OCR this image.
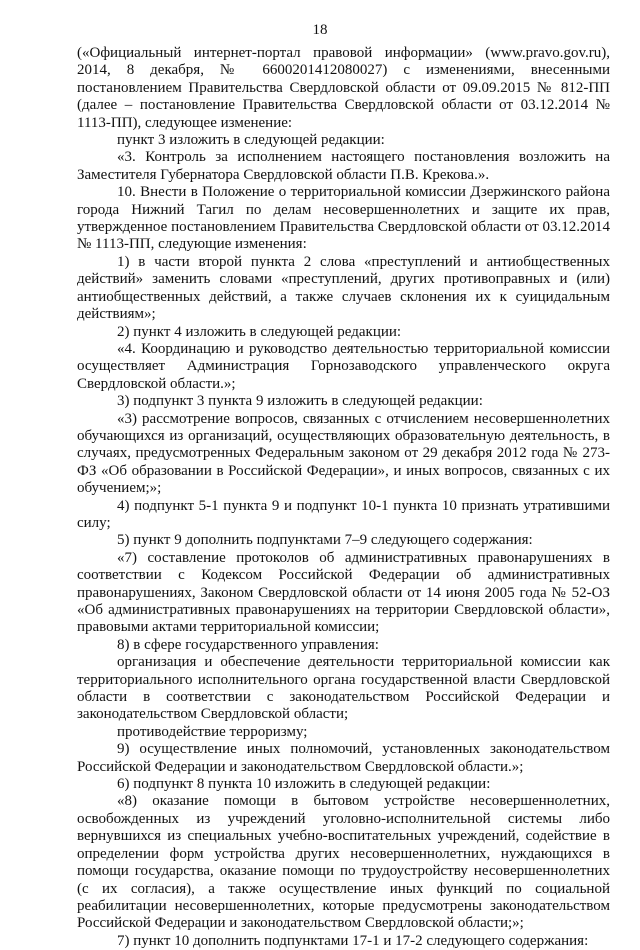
18

(«Официальный интернет-портал правовой информации» (www.pravo.gov.ru), 2014, 8 декабря, № 6600201412080027) с изменениями, внесенными постановлением Правительства Свердловской области от 09.09.2015 № 812-ПП (далее – постановление Правительства Свердловской области от 03.12.2014 № 1113-ПП), следующее изменение:

пункт 3 изложить в следующей редакции:

«3. Контроль за исполнением настоящего постановления возложить на Заместителя Губернатора Свердловской области П.В. Крекова.».

10. Внести в Положение о территориальной комиссии Дзержинского района города Нижний Тагил по делам несовершеннолетних и защите их прав, утвержденное постановлением Правительства Свердловской области от 03.12.2014 № 1113-ПП, следующие изменения:

1) в части второй пункта 2 слова «преступлений и антиобщественных действий» заменить словами «преступлений, других противоправных и (или) антиобщественных действий, а также случаев склонения их к суицидальным действиям»;

2) пункт 4 изложить в следующей редакции:

«4. Координацию и руководство деятельностью территориальной комиссии осуществляет Администрация Горнозаводского управленческого округа Свердловской области.»;

3) подпункт 3 пункта 9 изложить в следующей редакции:

«3) рассмотрение вопросов, связанных с отчислением несовершеннолетних обучающихся из организаций, осуществляющих образовательную деятельность, в случаях, предусмотренных Федеральным законом от 29 декабря 2012 года № 273-ФЗ «Об образовании в Российской Федерации», и иных вопросов, связанных с их обучением;»;

4) подпункт 5-1 пункта 9 и подпункт 10-1 пункта 10 признать утратившими силу;

5) пункт 9 дополнить подпунктами 7–9 следующего содержания:

«7) составление протоколов об административных правонарушениях в соответствии с Кодексом Российской Федерации об административных правонарушениях, Законом Свердловской области от 14 июня 2005 года № 52-ОЗ «Об административных правонарушениях на территории Свердловской области», правовыми актами территориальной комиссии;

8) в сфере государственного управления:

организация и обеспечение деятельности территориальной комиссии как территориального исполнительного органа государственной власти Свердловской области в соответствии с законодательством Российской Федерации и законодательством Свердловской области;

противодействие терроризму;

9) осуществление иных полномочий, установленных законодательством Российской Федерации и законодательством Свердловской области.»;

6) подпункт 8 пункта 10 изложить в следующей редакции:

«8) оказание помощи в бытовом устройстве несовершеннолетних, освобожденных из учреждений уголовно-исполнительной системы либо вернувшихся из специальных учебно-воспитательных учреждений, содействие в определении форм устройства других несовершеннолетних, нуждающихся в помощи государства, оказание помощи по трудоустройству несовершеннолетних (с их согласия), а также осуществление иных функций по социальной реабилитации несовершеннолетних, которые предусмотрены законодательством Российской Федерации и законодательством Свердловской области;»;

7) пункт 10 дополнить подпунктами 17-1 и 17-2 следующего содержания:
